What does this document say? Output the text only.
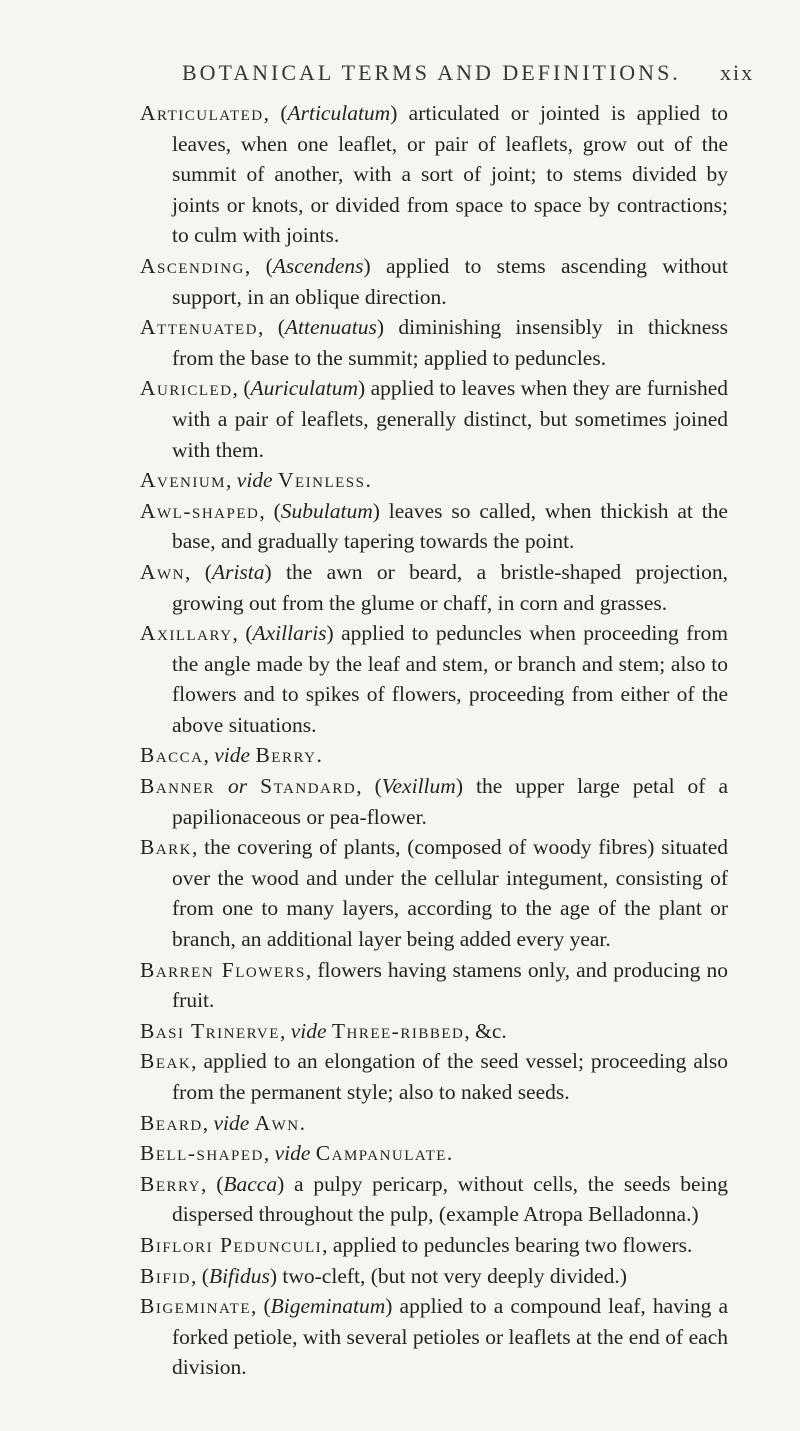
BOTANICAL TERMS AND DEFINITIONS. xix

Articulated, (Articulatum) articulated or jointed is applied to leaves, when one leaflet, or pair of leaflets, grow out of the summit of another, with a sort of joint; to stems divided by joints or knots, or divided from space to space by contractions; to culm with joints.

Ascending, (Ascendens) applied to stems ascending without support, in an oblique direction.

Attenuated, (Attenuatus) diminishing insensibly in thickness from the base to the summit; applied to peduncles.

Auricled, (Auriculatum) applied to leaves when they are furnished with a pair of leaflets, generally distinct, but sometimes joined with them.

Avenium, vide Veinless.

Awl-shaped, (Subulatum) leaves so called, when thickish at the base, and gradually tapering towards the point.

Awn, (Arista) the awn or beard, a bristle-shaped projection, growing out from the glume or chaff, in corn and grasses.

Axillary, (Axillaris) applied to peduncles when proceeding from the angle made by the leaf and stem, or branch and stem; also to flowers and to spikes of flowers, proceeding from either of the above situations.

Bacca, vide Berry.

Banner or Standard, (Vexillum) the upper large petal of a papilionaceous or pea-flower.

Bark, the covering of plants, (composed of woody fibres) situated over the wood and under the cellular integument, consisting of from one to many layers, according to the age of the plant or branch, an additional layer being added every year.

Barren Flowers, flowers having stamens only, and producing no fruit.

Basi Trinerve, vide Three-ribbed, &c.

Beak, applied to an elongation of the seed vessel; proceeding also from the permanent style; also to naked seeds.

Beard, vide Awn.

Bell-shaped, vide Campanulate.

Berry, (Bacca) a pulpy pericarp, without cells, the seeds being dispersed throughout the pulp, (example Atropa Belladonna.)

Biflori Pedunculi, applied to peduncles bearing two flowers.

Bifid, (Bifidus) two-cleft, (but not very deeply divided.)

Bigeminate, (Bigeminatum) applied to a compound leaf, having a forked petiole, with several petioles or leaflets at the end of each division.
